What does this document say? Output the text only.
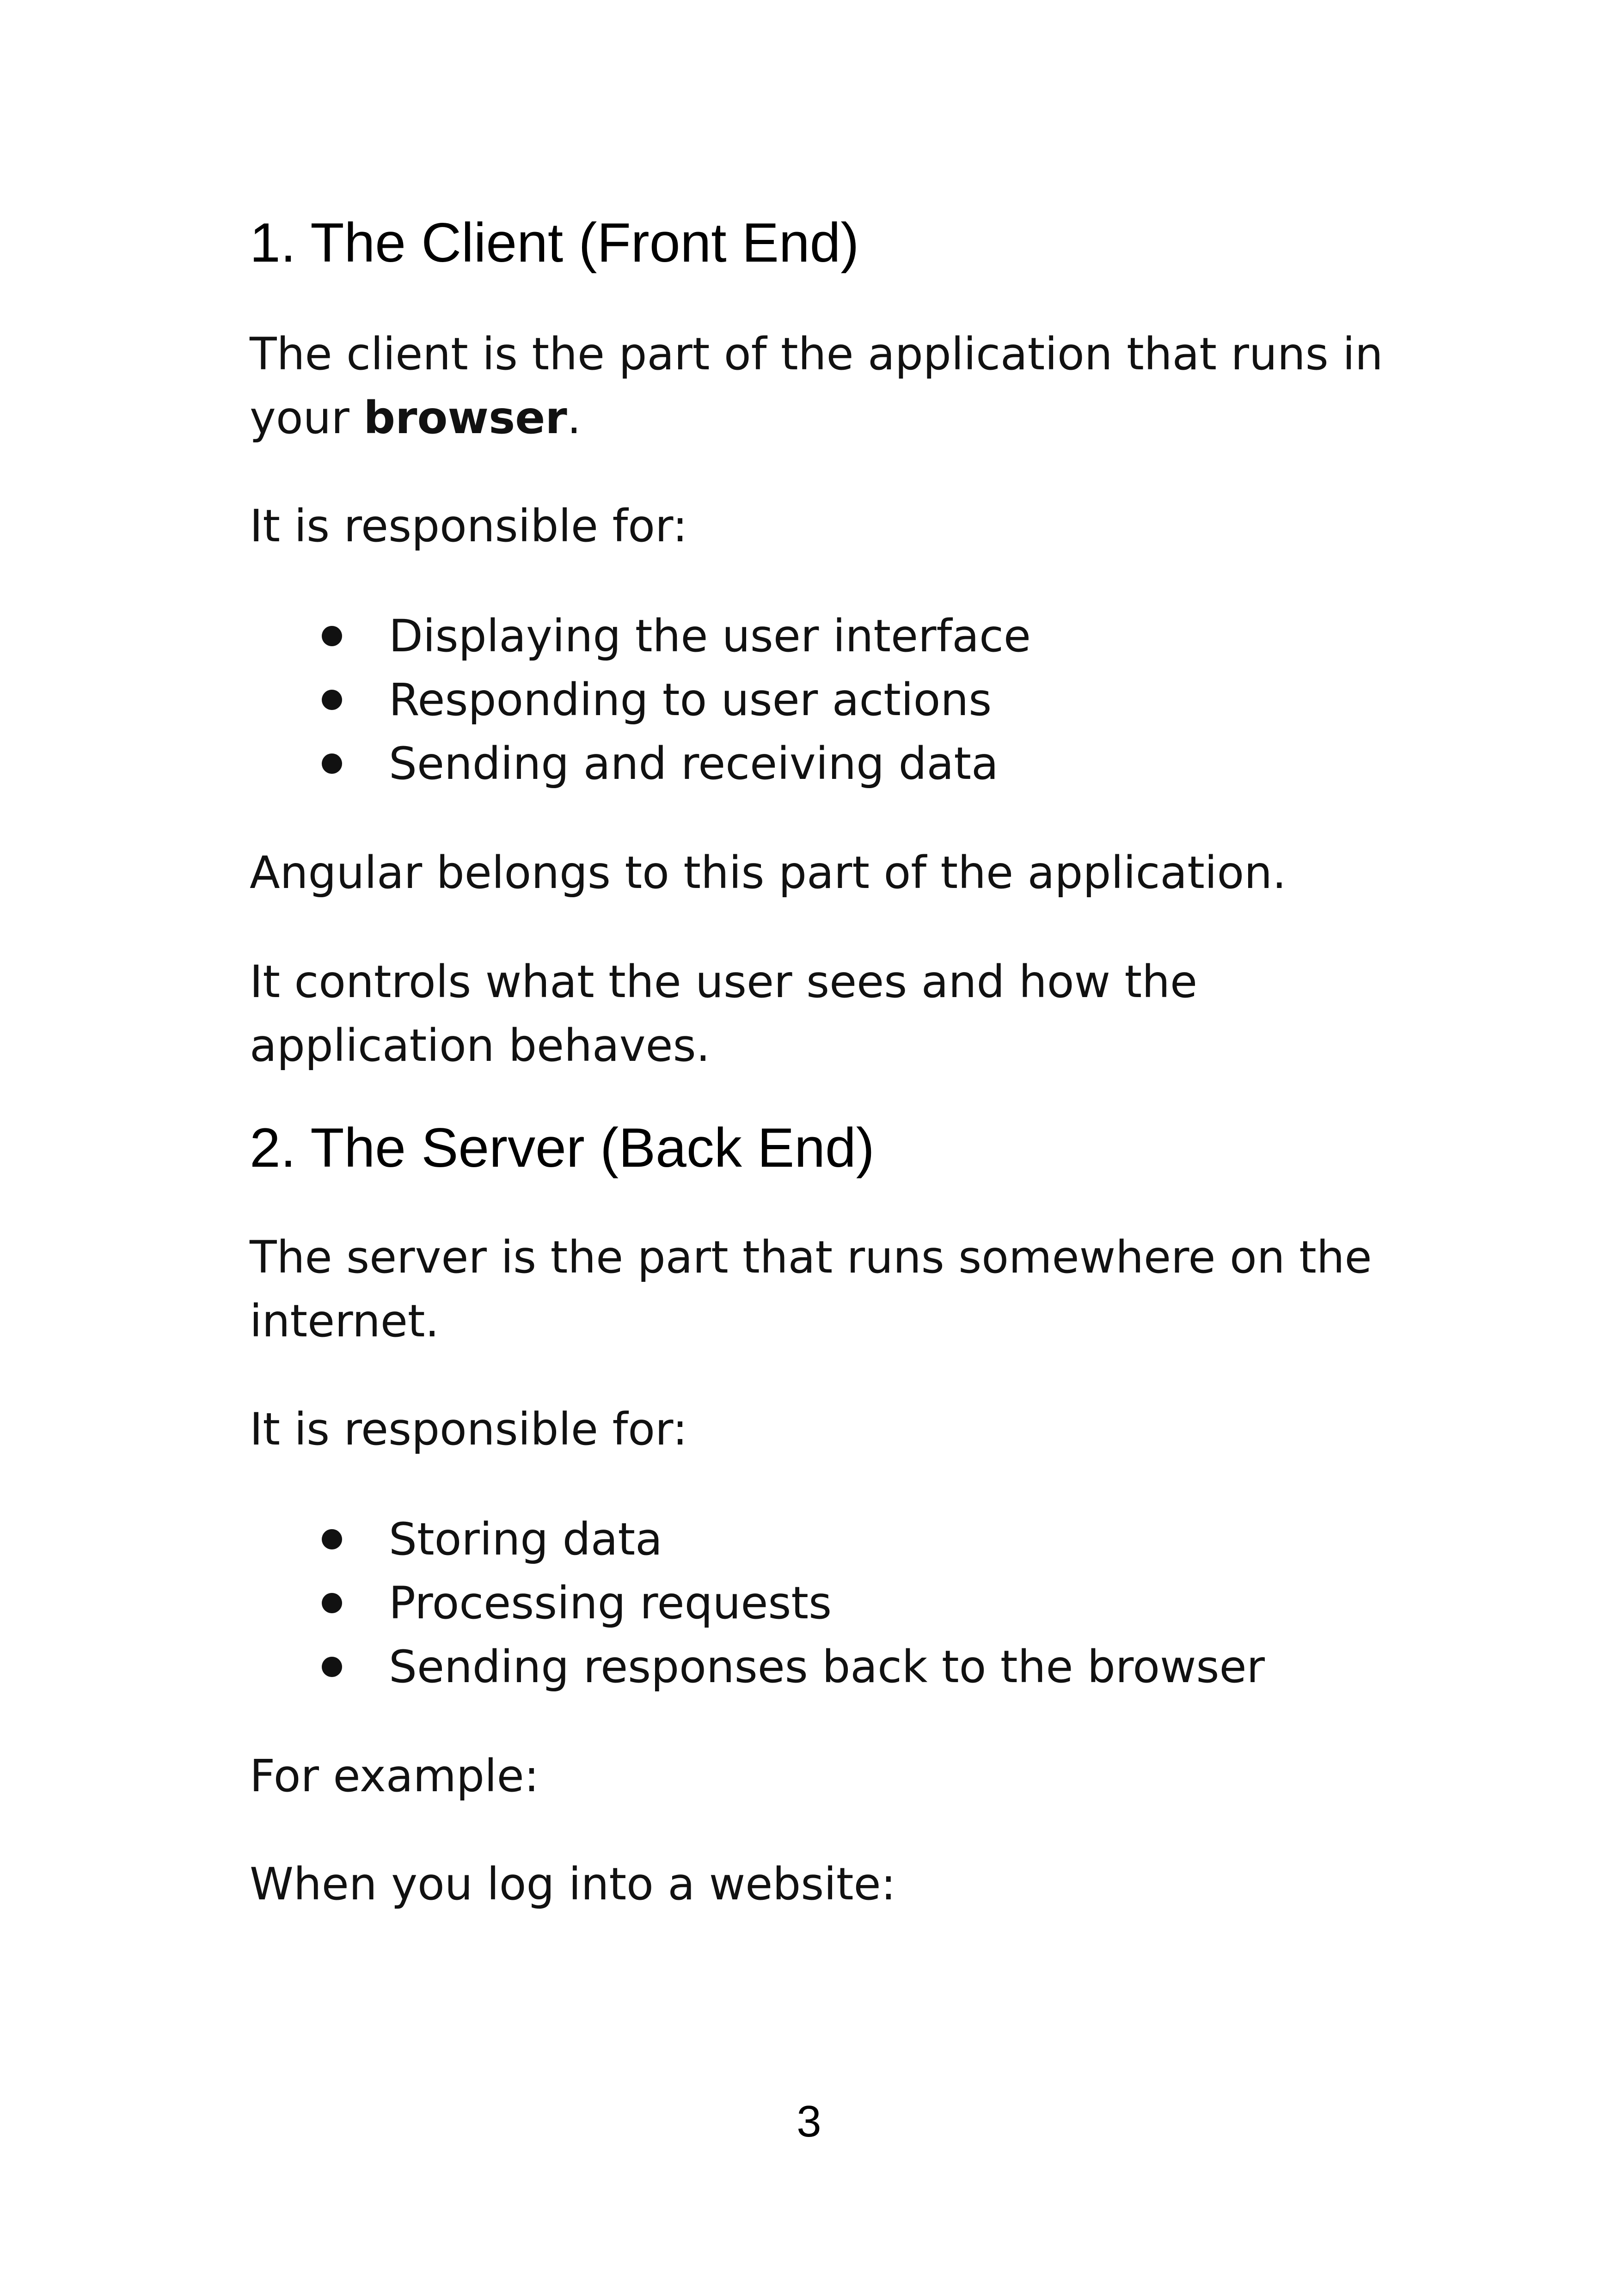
1. The Client (Front End)

The client is the part of the application that runs in your browser.

It is responsible for:

Displaying the user interface
Responding to user actions
Sending and receiving data

Angular belongs to this part of the application.

It controls what the user sees and how the application behaves.

2. The Server (Back End)

The server is the part that runs somewhere on the internet.

It is responsible for:

Storing data
Processing requests
Sending responses back to the browser

For example:

When you log into a website:

3
